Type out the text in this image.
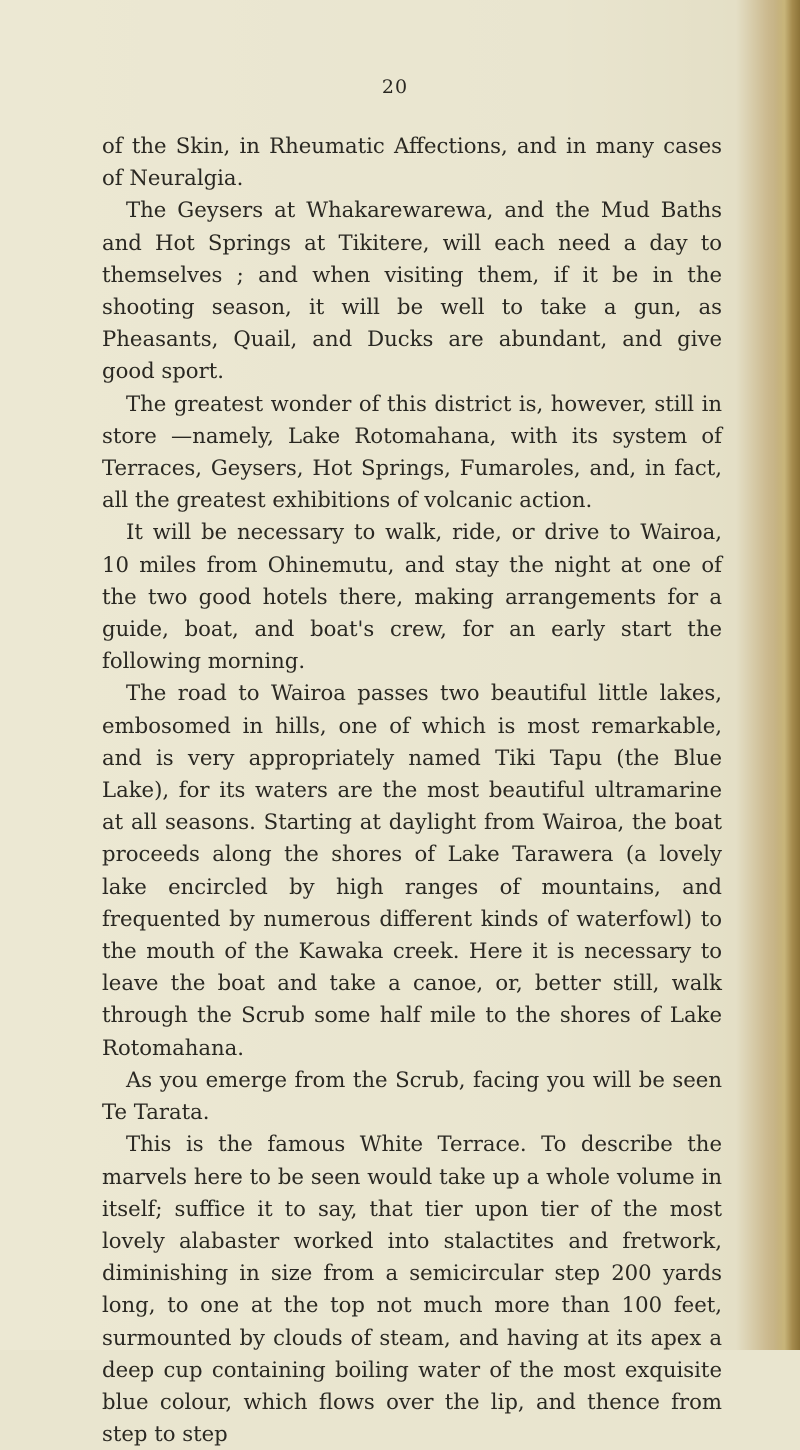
20

of the Skin, in Rheumatic Affections, and in many cases of Neuralgia.

The Geysers at Whakarewarewa, and the Mud Baths and Hot Springs at Tikitere, will each need a day to themselves ; and when visiting them, if it be in the shooting season, it will be well to take a gun, as Pheasants, Quail, and Ducks are abundant, and give good sport.

The greatest wonder of this district is, however, still in store —namely, Lake Rotomahana, with its system of Terraces, Geysers, Hot Springs, Fumaroles, and, in fact, all the greatest exhibitions of volcanic action.

It will be necessary to walk, ride, or drive to Wairoa, 10 miles from Ohinemutu, and stay the night at one of the two good hotels there, making arrangements for a guide, boat, and boat's crew, for an early start the following morning.

The road to Wairoa passes two beautiful little lakes, embosomed in hills, one of which is most remarkable, and is very appropriately named Tiki Tapu (the Blue Lake), for its waters are the most beautiful ultramarine at all seasons. Starting at daylight from Wairoa, the boat proceeds along the shores of Lake Tarawera (a lovely lake encircled by high ranges of mountains, and frequented by numerous different kinds of waterfowl) to the mouth of the Kawaka creek. Here it is necessary to leave the boat and take a canoe, or, better still, walk through the Scrub some half mile to the shores of Lake Rotomahana.

As you emerge from the Scrub, facing you will be seen Te Tarata.

This is the famous White Terrace. To describe the marvels here to be seen would take up a whole volume in itself; suffice it to say, that tier upon tier of the most lovely alabaster worked into stalactites and fretwork, diminishing in size from a semicircular step 200 yards long, to one at the top not much more than 100 feet, surmounted by clouds of steam, and having at its apex a deep cup containing boiling water of the most exquisite blue colour, which flows over the lip, and thence from step to step
